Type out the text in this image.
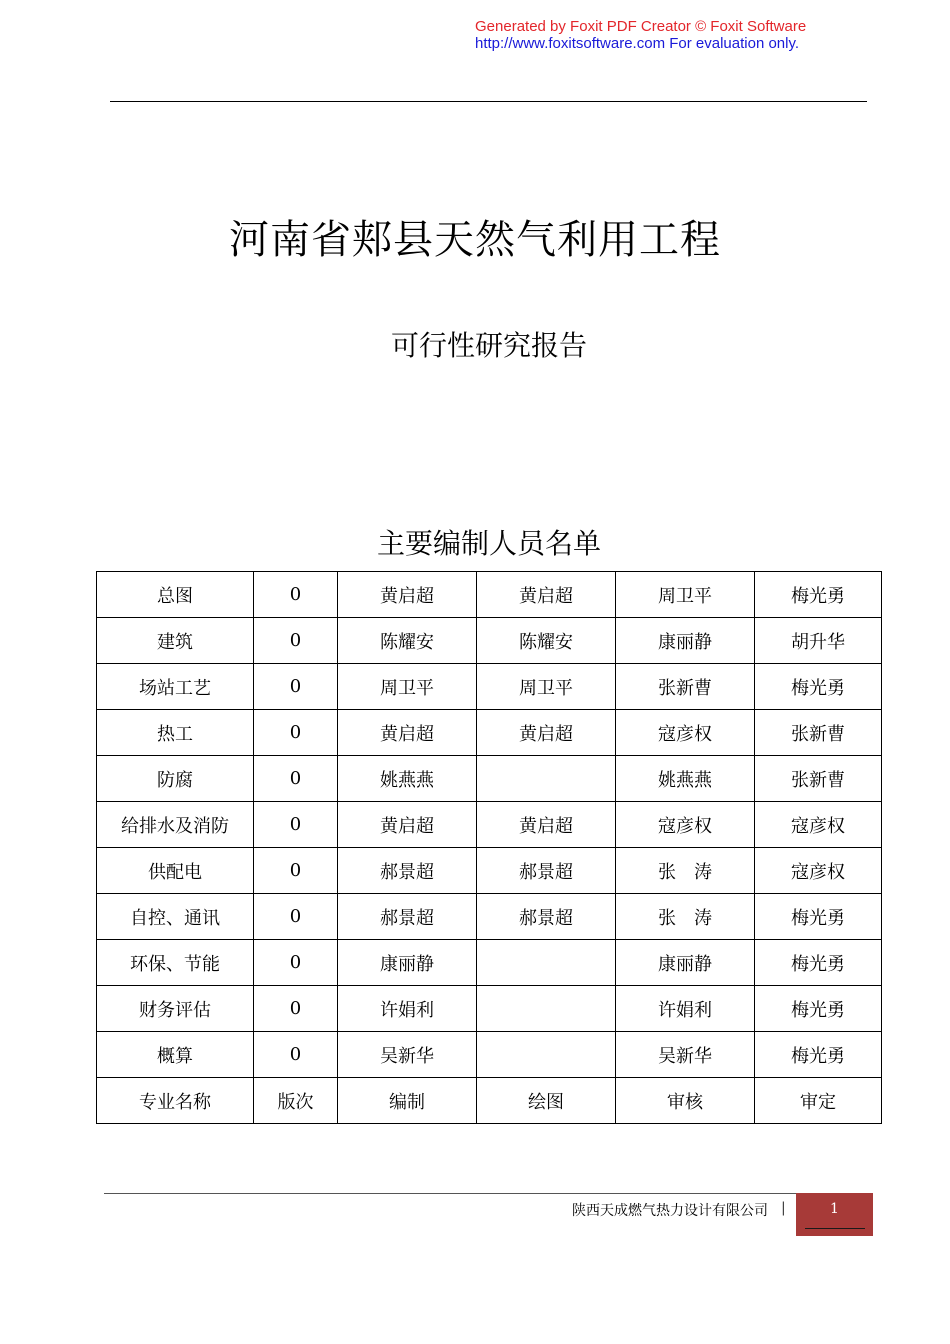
Generated by Foxit PDF Creator © Foxit Software
http://www.foxitsoftware.com For evaluation only.
河南省郏县天然气利用工程
可行性研究报告
主要编制人员名单
总图	0	黄启超	黄启超	周卫平	梅光勇
建筑	0	陈耀安	陈耀安	康丽静	胡升华
场站工艺	0	周卫平	周卫平	张新曹	梅光勇
热工	0	黄启超	黄启超	寇彦权	张新曹
防腐	0	姚燕燕		姚燕燕	张新曹
给排水及消防	0	黄启超	黄启超	寇彦权	寇彦权
供配电	0	郝景超	郝景超	张　涛	寇彦权
自控、通讯	0	郝景超	郝景超	张　涛	梅光勇
环保、节能	0	康丽静		康丽静	梅光勇
财务评估	0	许娟利		许娟利	梅光勇
概算	0	吴新华		吴新华	梅光勇
专业名称	版次	编制	绘图	审核	审定
陕西天成燃气热力设计有限公司 |	1
